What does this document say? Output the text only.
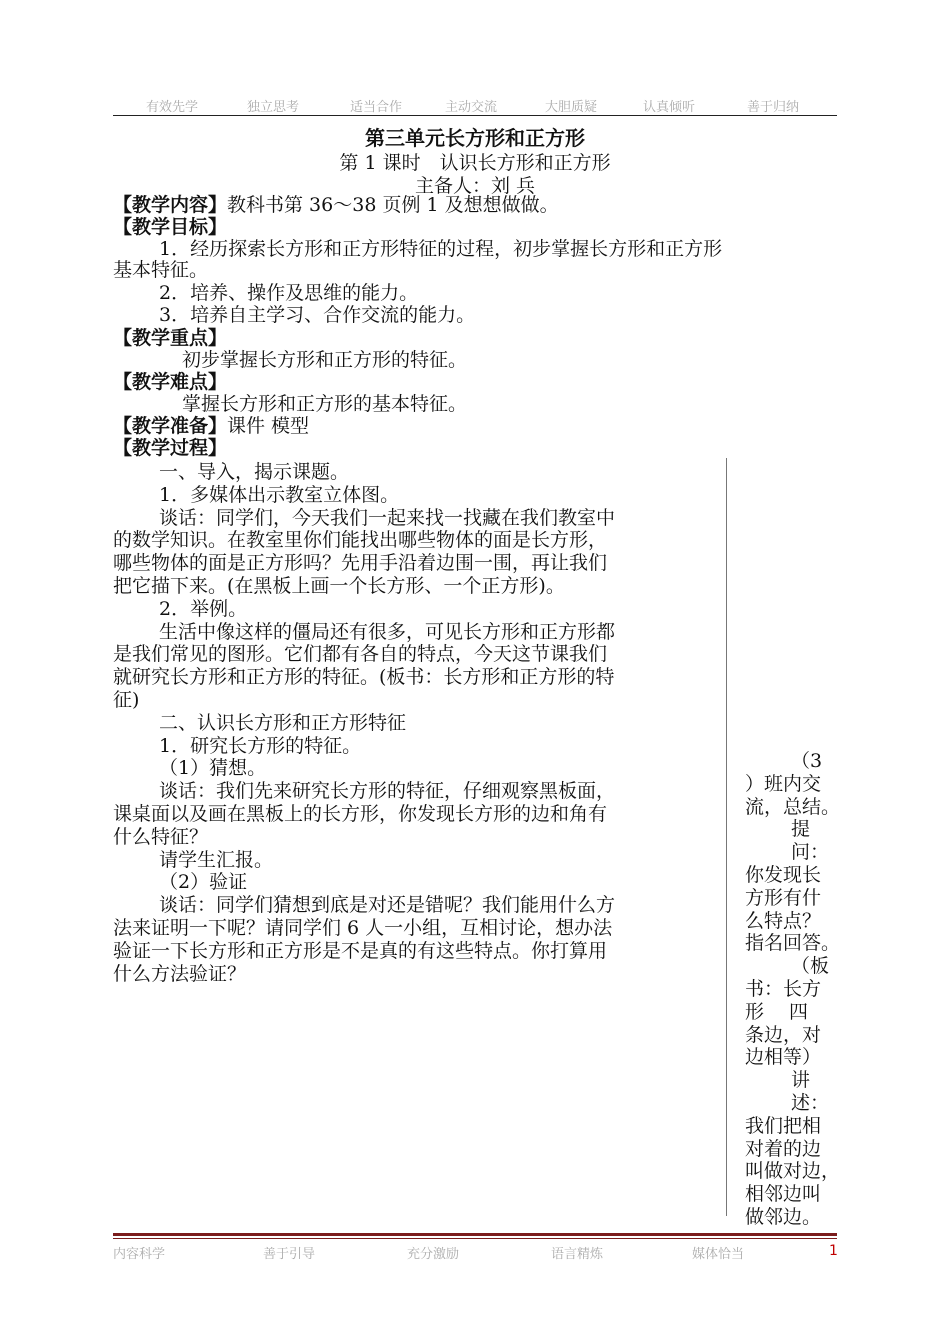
有效先学	独立思考	适当合作	主动交流	大胆质疑	认真倾听	善于归纳
第三单元长方形和正方形
第 1 课时　认识长方形和正方形
主备人：刘 兵
【教学内容】教科书第 36～38 页例 1 及想想做做。
【教学目标】
1．经历探索长方形和正方形特征的过程，初步掌握长方形和正方形
基本特征。
2．培养、操作及思维的能力。
3．培养自主学习、合作交流的能力。
【教学重点】
初步掌握长方形和正方形的特征。
【教学难点】
掌握长方形和正方形的基本特征。
【教学准备】课件 模型
【教学过程】

一、导入，揭示课题。

1．多媒体出示教室立体图。

谈话：同学们，今天我们一起来找一找藏在我们教室中

的数学知识。在教室里你们能找出哪些物体的面是长方形，

哪些物体的面是正方形吗？先用手沿着边围一围，再让我们

把它描下来。(在黑板上画一个长方形、一个正方形)。

2．举例。

生活中像这样的僵局还有很多，可见长方形和正方形都

是我们常见的图形。它们都有各自的特点，今天这节课我们

就研究长方形和正方形的特征。(板书：长方形和正方形的特

征)

二、认识长方形和正方形特征

1．研究长方形的特征。

（1）猜想。

谈话：我们先来研究长方形的特征，仔细观察黑板面，

课桌面以及画在黑板上的长方形，你发现长方形的边和角有

什么特征？

请学生汇报。

（2）验证

谈话：同学们猜想到底是对还是错呢？我们能用什么方

法来证明一下呢？请同学们 6 人一小组，互相讨论，想办法

验证一下长方形和正方形是不是真的有这些特点。你打算用

什么方法验证？

（3

）班内交

流，总结。

提问：

你发现长

方形有什

么特点？

指名回答。

（板

书：长方

形　 四

条边，对

边相等）

讲述：

我们把相

对着的边

叫做对边，

相邻边叫

做邻边。

内容科学	善于引导	充分激励	语言精炼	媒体恰当	1
